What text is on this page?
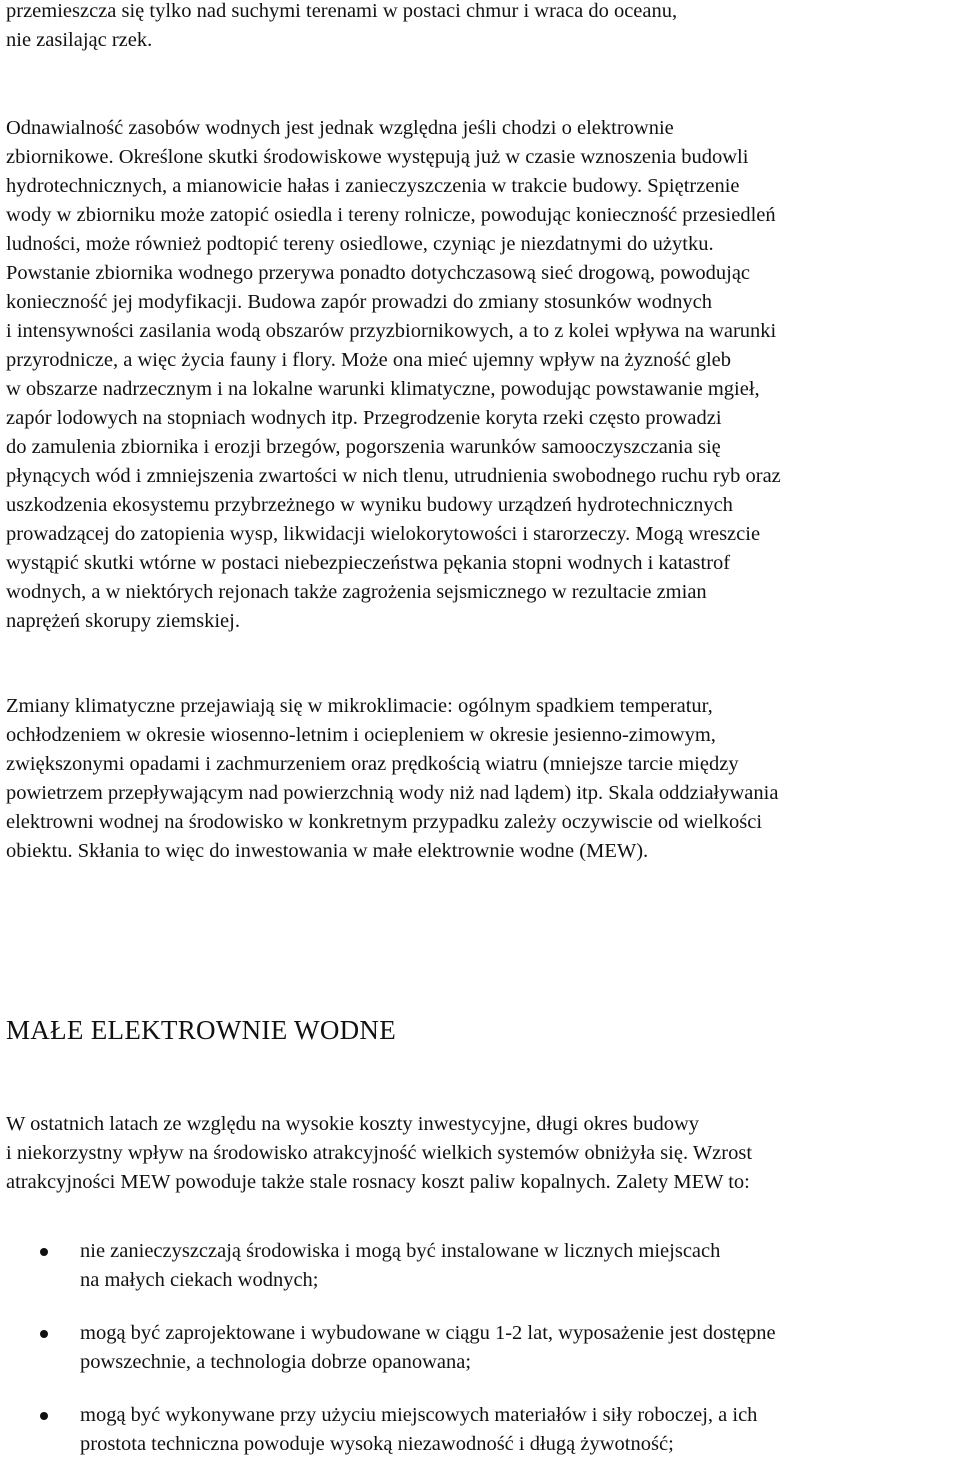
przemieszcza się tylko nad suchymi terenami w postaci chmur i wraca do oceanu,
nie zasilając rzek.

Odnawialność zasobów wodnych jest jednak względna jeśli chodzi o elektrownie
zbiornikowe. Określone skutki środowiskowe występują już w czasie wznoszenia budowli
hydrotechnicznych, a mianowicie hałas i zanieczyszczenia w trakcie budowy. Spiętrzenie
wody w zbiorniku może zatopić osiedla i tereny rolnicze, powodując konieczność przesiedleń
ludności, może również podtopić tereny osiedlowe, czyniąc je niezdatnymi do użytku.
Powstanie zbiornika wodnego przerywa ponadto dotychczasową sieć drogową, powodując
konieczność jej modyfikacji. Budowa zapór prowadzi do zmiany stosunków wodnych
i intensywności zasilania wodą obszarów przyzbiornikowych, a to z kolei wpływa na warunki
przyrodnicze, a więc życia fauny i flory. Może ona mieć ujemny wpływ na żyzność gleb
w obszarze nadrzecznym i na lokalne warunki klimatyczne, powodując powstawanie mgieł,
zapór lodowych na stopniach wodnych itp. Przegrodzenie koryta rzeki często prowadzi
do zamulenia zbiornika i erozji brzegów, pogorszenia warunków samooczyszczania się
płynących wód i zmniejszenia zwartości w nich tlenu, utrudnienia swobodnego ruchu ryb oraz
uszkodzenia ekosystemu przybrzeżnego w wyniku budowy urządzeń hydrotechnicznych
prowadzącej do zatopienia wysp, likwidacji wielokorytowości i starorzeczy. Mogą wreszcie
wystąpić skutki wtórne w postaci niebezpieczeństwa pękania stopni wodnych i katastrof
wodnych, a w niektórych rejonach także zagrożenia sejsmicznego w rezultacie zmian
naprężeń skorupy ziemskiej.

Zmiany klimatyczne przejawiają się w mikroklimacie: ogólnym spadkiem temperatur,
ochłodzeniem w okresie wiosenno-letnim i ociepleniem w okresie jesienno-zimowym,
zwiększonymi opadami i zachmurzeniem oraz prędkością wiatru (mniejsze tarcie między
powietrzem przepływającym nad powierzchnią wody niż nad lądem) itp. Skala oddziaływania
elektrowni wodnej na środowisko w konkretnym przypadku zależy oczywiscie od wielkości
obiektu. Skłania to więc do inwestowania w małe elektrownie wodne (MEW).

MAŁE ELEKTROWNIE WODNE

W ostatnich latach ze względu na wysokie koszty inwestycyjne, długi okres budowy
i niekorzystny wpływ na środowisko atrakcyjność wielkich systemów obniżyła się. Wzrost
atrakcyjności MEW powoduje także stale rosnacy koszt paliw kopalnych. Zalety MEW to:

nie zanieczyszczają środowiska i mogą być instalowane w licznych miejscach
na małych ciekach wodnych;
mogą być zaprojektowane i wybudowane w ciągu 1-2 lat, wyposażenie jest dostępne
powszechnie, a technologia dobrze opanowana;
mogą być wykonywane przy użyciu miejscowych materiałów i siły roboczej, a ich
prostota techniczna powoduje wysoką niezawodność i długą żywotność;
